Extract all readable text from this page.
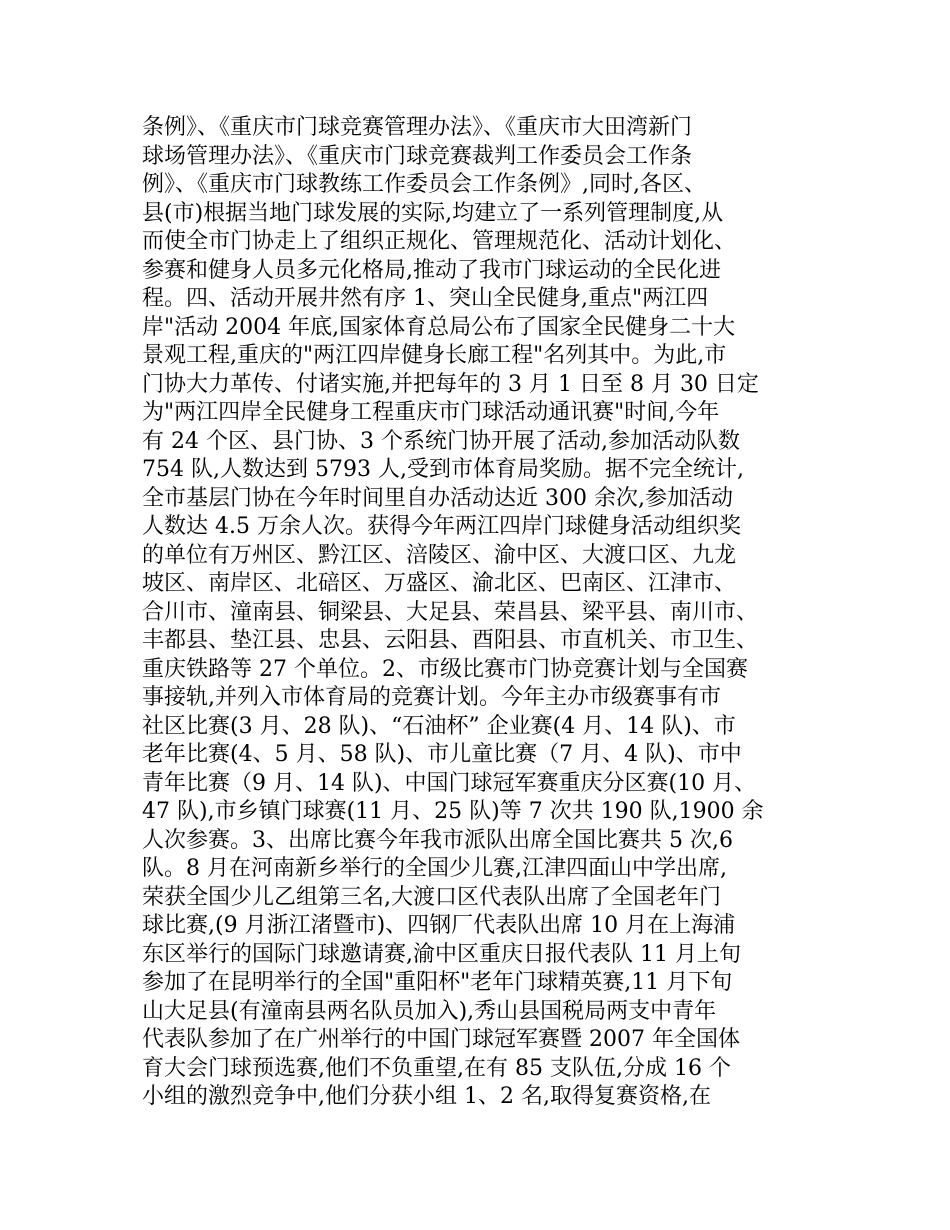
条例》、《重庆市门球竞赛管理办法》、《重庆市大田湾新门
球场管理办法》、《重庆市门球竞赛裁判工作委员会工作条
例》、《重庆市门球教练工作委员会工作条例》,同时,各区、
县(市)根据当地门球发展的实际,均建立了一系列管理制度,从
而使全市门协走上了组织正规化、管理规范化、活动计划化、
参赛和健身人员多元化格局,推动了我市门球运动的全民化进
程。四、活动开展井然有序 1、突山全民健身,重点"两江四
岸"活动 2004 年底,国家体育总局公布了国家全民健身二十大
景观工程,重庆的"两江四岸健身长廊工程"名列其中。为此,市
门协大力革传、付诸实施,并把每年的 3 月 1 日至 8 月 30 日定
为"两江四岸全民健身工程重庆市门球活动通讯赛"时间,今年
有 24 个区、县门协、3 个系统门协开展了活动,参加活动队数
754 队,人数达到 5793 人,受到市体育局奖励。据不完全统计,
全市基层门协在今年时间里自办活动达近 300 余次,参加活动
人数达 4.5 万余人次。获得今年两江四岸门球健身活动组织奖
的单位有万州区、黔江区、涪陵区、渝中区、大渡口区、九龙
坡区、南岸区、北碚区、万盛区、渝北区、巴南区、江津市、
合川市、潼南县、铜梁县、大足县、荣昌县、梁平县、南川市、
丰都县、垫江县、忠县、云阳县、酉阳县、市直机关、市卫生、
重庆铁路等 27 个单位。2、市级比赛市门协竞赛计划与全国赛
事接轨,并列入市体育局的竞赛计划。今年主办市级赛事有市
社区比赛(3 月、28 队)、“石油杯” 企业赛(4 月、14 队)、市
老年比赛(4、5 月、58 队)、市儿童比赛（7 月、4 队)、市中
青年比赛（9 月、14 队)、中国门球冠军赛重庆分区赛(10 月、
47 队),市乡镇门球赛(11 月、25 队)等 7 次共 190 队,1900 余
人次参赛。3、出席比赛今年我市派队出席全国比赛共 5 次,6
队。8 月在河南新乡举行的全国少儿赛,江津四面山中学出席,
荣获全国少儿乙组第三名,大渡口区代表队出席了全国老年门
球比赛,(9 月浙江渚暨市)、四钢厂代表队出席 10 月在上海浦
东区举行的国际门球邀请赛,渝中区重庆日报代表队 11 月上旬
参加了在昆明举行的全国"重阳杯"老年门球精英赛,11 月下旬
山大足县(有潼南县两名队员加入),秀山县国税局两支中青年
代表队参加了在广州举行的中国门球冠军赛暨 2007 年全国体
育大会门球预选赛,他们不负重望,在有 85 支队伍,分成 16 个
小组的激烈竞争中,他们分获小组 1、2 名,取得复赛资格,在
